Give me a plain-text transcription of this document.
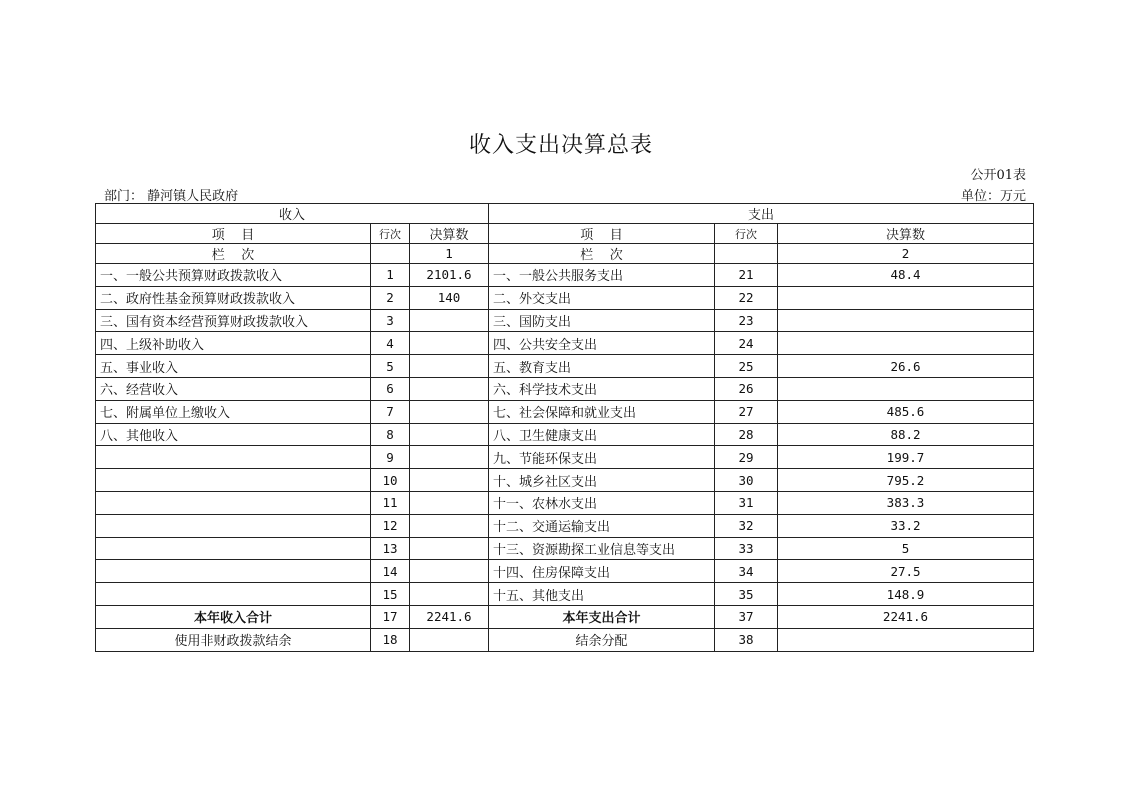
收入支出决算总表
公开01表
部门： 静河镇人民政府	单位：万元
收入			支出		
项    目	行次	决算数	项    目	行次	决算数
栏    次		1	栏    次		2
一、一般公共预算财政拨款收入	1	2101.6	一、一般公共服务支出	21	48.4
二、政府性基金预算财政拨款收入	2	140	二、外交支出	22	
三、国有资本经营预算财政拨款收入	3		三、国防支出	23	
四、上级补助收入	4		四、公共安全支出	24	
五、事业收入	5		五、教育支出	25	26.6
六、经营收入	6		六、科学技术支出	26	
七、附属单位上缴收入	7		七、社会保障和就业支出	27	485.6
八、其他收入	8		八、卫生健康支出	28	88.2
	9		九、节能环保支出	29	199.7
	10		十、城乡社区支出	30	795.2
	11		十一、农林水支出	31	383.3
	12		十二、交通运输支出	32	33.2
	13		十三、资源勘探工业信息等支出	33	5
	14		十四、住房保障支出	34	27.5
	15		十五、其他支出	35	148.9
本年收入合计	17	2241.6	本年支出合计	37	2241.6
使用非财政拨款结余	18		结余分配	38	
